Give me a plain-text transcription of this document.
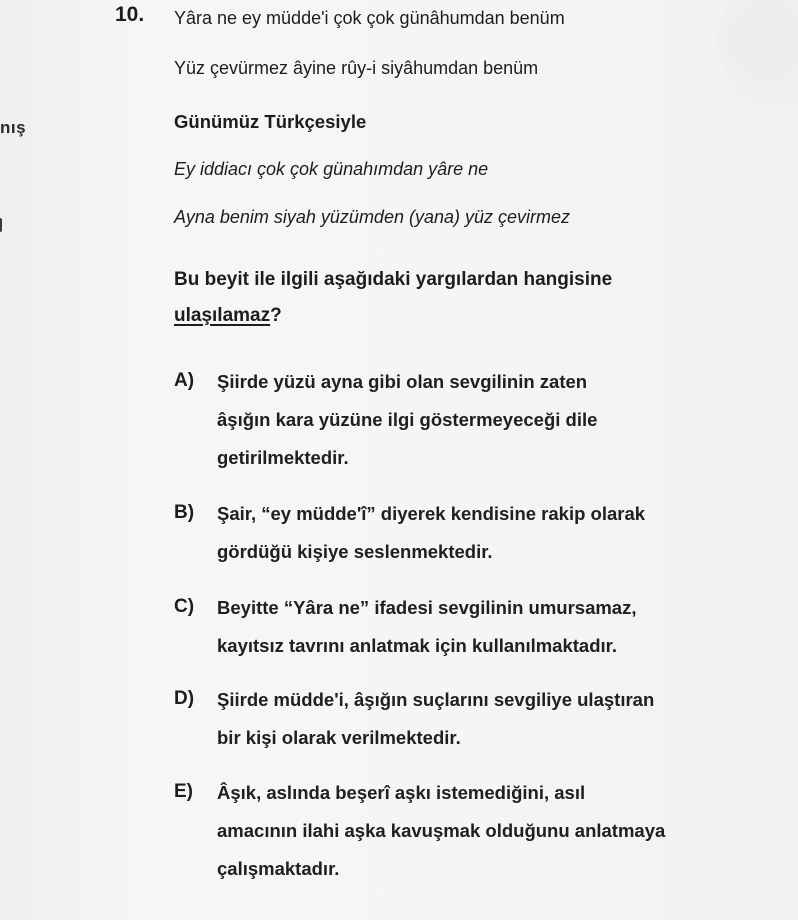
nış
10. Yâra ne ey müdde'i çok çok günâhumdan benüm
Yüz çevürmez âyine rûy-i siyâhumdan benüm
Günümüz Türkçesiyle
Ey iddiacı çok çok günahımdan yâre ne
Ayna benim siyah yüzümden (yana) yüz çevirmez
Bu beyit ile ilgili aşağıdaki yargılardan hangisine
ulaşılamaz?
A) Şiirde yüzü ayna gibi olan sevgilinin zaten
âşığın kara yüzüne ilgi göstermeyeceği dile
getirilmektedir.
B) Şair, “ey müdde'î” diyerek kendisine rakip olarak
gördüğü kişiye seslenmektedir.
C) Beyitte “Yâra ne” ifadesi sevgilinin umursamaz,
kayıtsız tavrını anlatmak için kullanılmaktadır.
D) Şiirde müdde'i, âşığın suçlarını sevgiliye ulaştıran
bir kişi olarak verilmektedir.
E) Âşık, aslında beşerî aşkı istemediğini, asıl
amacının ilahi aşka kavuşmak olduğunu anlatmaya
çalışmaktadır.
